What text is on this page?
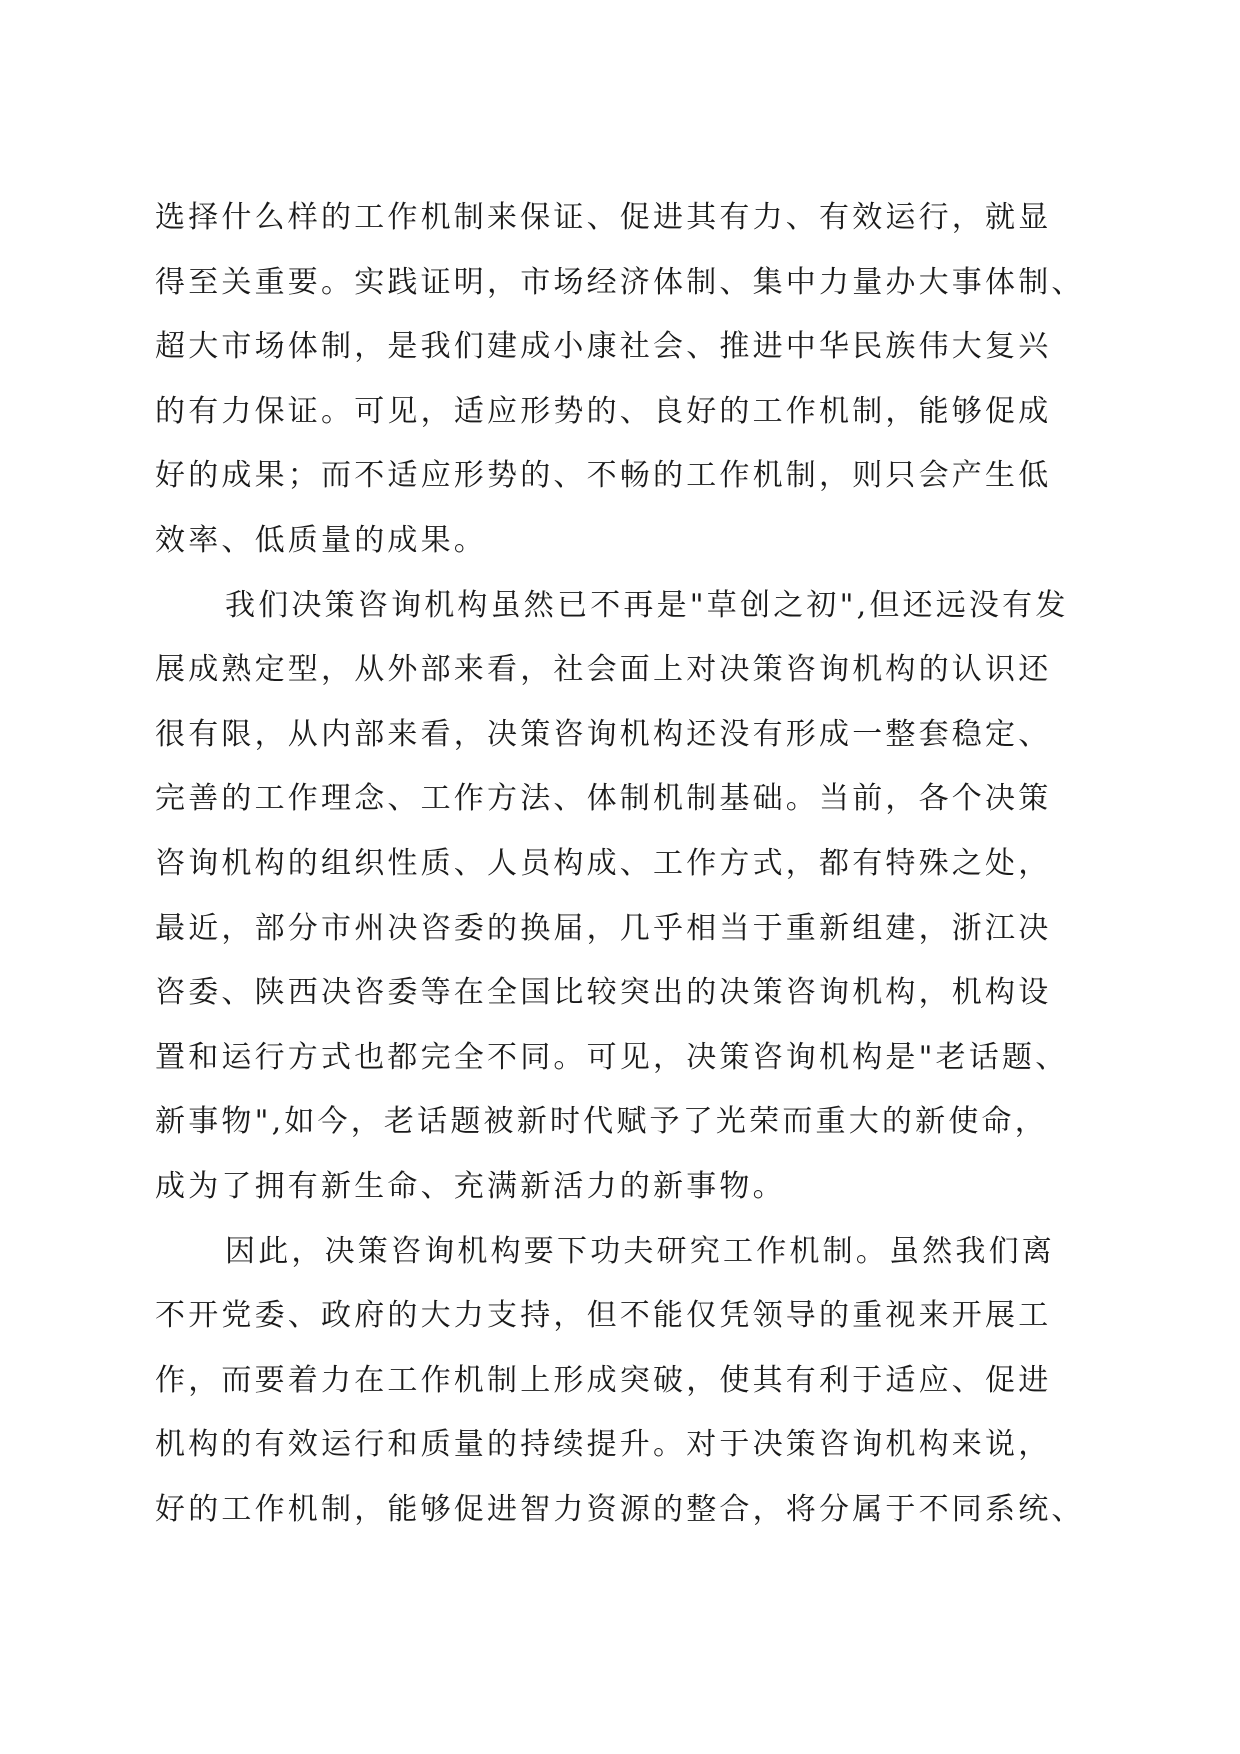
选择什么样的工作机制来保证、促进其有力、有效运行，就显
得至关重要。实践证明，市场经济体制、集中力量办大事体制、
超大市场体制，是我们建成小康社会、推进中华民族伟大复兴
的有力保证。可见，适应形势的、良好的工作机制，能够促成
好的成果；而不适应形势的、不畅的工作机制，则只会产生低
效率、低质量的成果。
我们决策咨询机构虽然已不再是"草创之初",但还远没有发
展成熟定型，从外部来看，社会面上对决策咨询机构的认识还
很有限，从内部来看，决策咨询机构还没有形成一整套稳定、
完善的工作理念、工作方法、体制机制基础。当前，各个决策
咨询机构的组织性质、人员构成、工作方式，都有特殊之处，
最近，部分市州决咨委的换届，几乎相当于重新组建，浙江决
咨委、陕西决咨委等在全国比较突出的决策咨询机构，机构设
置和运行方式也都完全不同。可见，决策咨询机构是"老话题、
新事物",如今，老话题被新时代赋予了光荣而重大的新使命，
成为了拥有新生命、充满新活力的新事物。
因此，决策咨询机构要下功夫研究工作机制。虽然我们离
不开党委、政府的大力支持，但不能仅凭领导的重视来开展工
作，而要着力在工作机制上形成突破，使其有利于适应、促进
机构的有效运行和质量的持续提升。对于决策咨询机构来说，
好的工作机制，能够促进智力资源的整合，将分属于不同系统、
